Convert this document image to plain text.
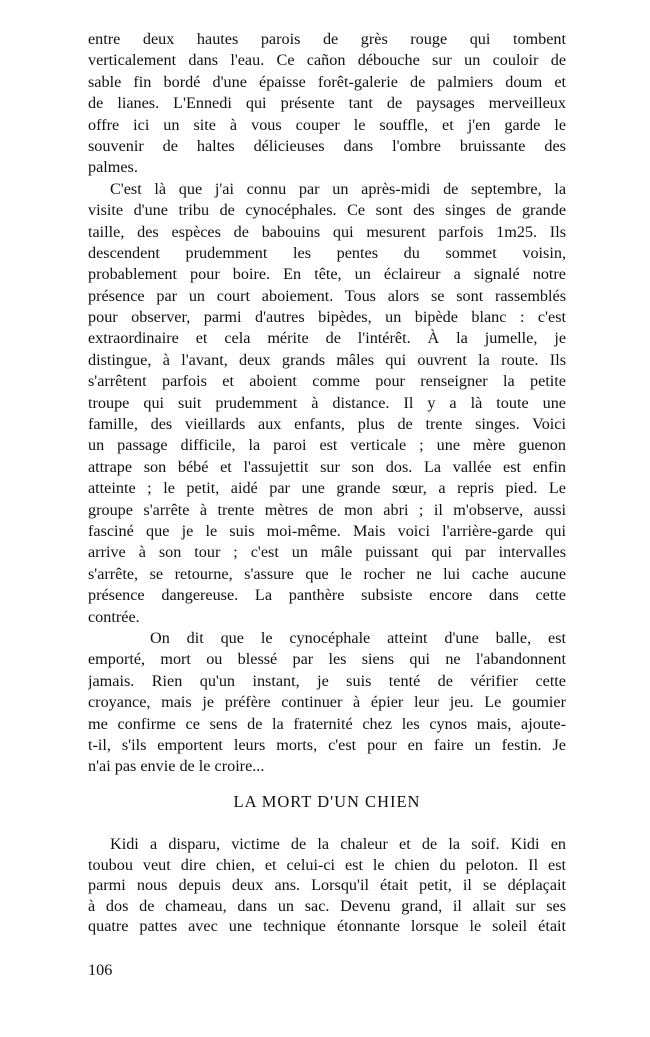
entre deux hautes parois de grès rouge qui tombent
verticalement dans l'eau. Ce cañon débouche sur un couloir de
sable fin bordé d'une épaisse forêt-galerie de palmiers doum et
de lianes. L'Ennedi qui présente tant de paysages merveilleux
offre ici un site à vous couper le souffle, et j'en garde le
souvenir de haltes délicieuses dans l'ombre bruissante des
palmes.
C'est là que j'ai connu par un après-midi de septembre, la
visite d'une tribu de cynocéphales. Ce sont des singes de grande
taille, des espèces de babouins qui mesurent parfois 1m25. Ils
descendent prudemment les pentes du sommet voisin,
probablement pour boire. En tête, un éclaireur a signalé notre
présence par un court aboiement. Tous alors se sont rassemblés
pour observer, parmi d'autres bipèdes, un bipède blanc : c'est
extraordinaire et cela mérite de l'intérêt. À la jumelle, je
distingue, à l'avant, deux grands mâles qui ouvrent la route. Ils
s'arrêtent parfois et aboient comme pour renseigner la petite
troupe qui suit prudemment à distance. Il y a là toute une
famille, des vieillards aux enfants, plus de trente singes. Voici
un passage difficile, la paroi est verticale ; une mère guenon
attrape son bébé et l'assujettit sur son dos. La vallée est enfin
atteinte ; le petit, aidé par une grande sœur, a repris pied. Le
groupe s'arrête à trente mètres de mon abri ; il m'observe, aussi
fasciné que je le suis moi-même. Mais voici l'arrière-garde qui
arrive à son tour ; c'est un mâle puissant qui par intervalles
s'arrête, se retourne, s'assure que le rocher ne lui cache aucune
présence dangereuse. La panthère subsiste encore dans cette
contrée.
On dit que le cynocéphale atteint d'une balle, est
emporté, mort ou blessé par les siens qui ne l'abandonnent
jamais. Rien qu'un instant, je suis tenté de vérifier cette
croyance, mais je préfère continuer à épier leur jeu. Le goumier
me confirme ce sens de la fraternité chez les cynos mais, ajoute-
t-il, s'ils emportent leurs morts, c'est pour en faire un festin. Je
n'ai pas envie de le croire...
LA MORT D'UN CHIEN
Kidi a disparu, victime de la chaleur et de la soif. Kidi en
toubou veut dire chien, et celui-ci est le chien du peloton. Il est
parmi nous depuis deux ans. Lorsqu'il était petit, il se déplaçait
à dos de chameau, dans un sac. Devenu grand, il allait sur ses
quatre pattes avec une technique étonnante lorsque le soleil était
106
